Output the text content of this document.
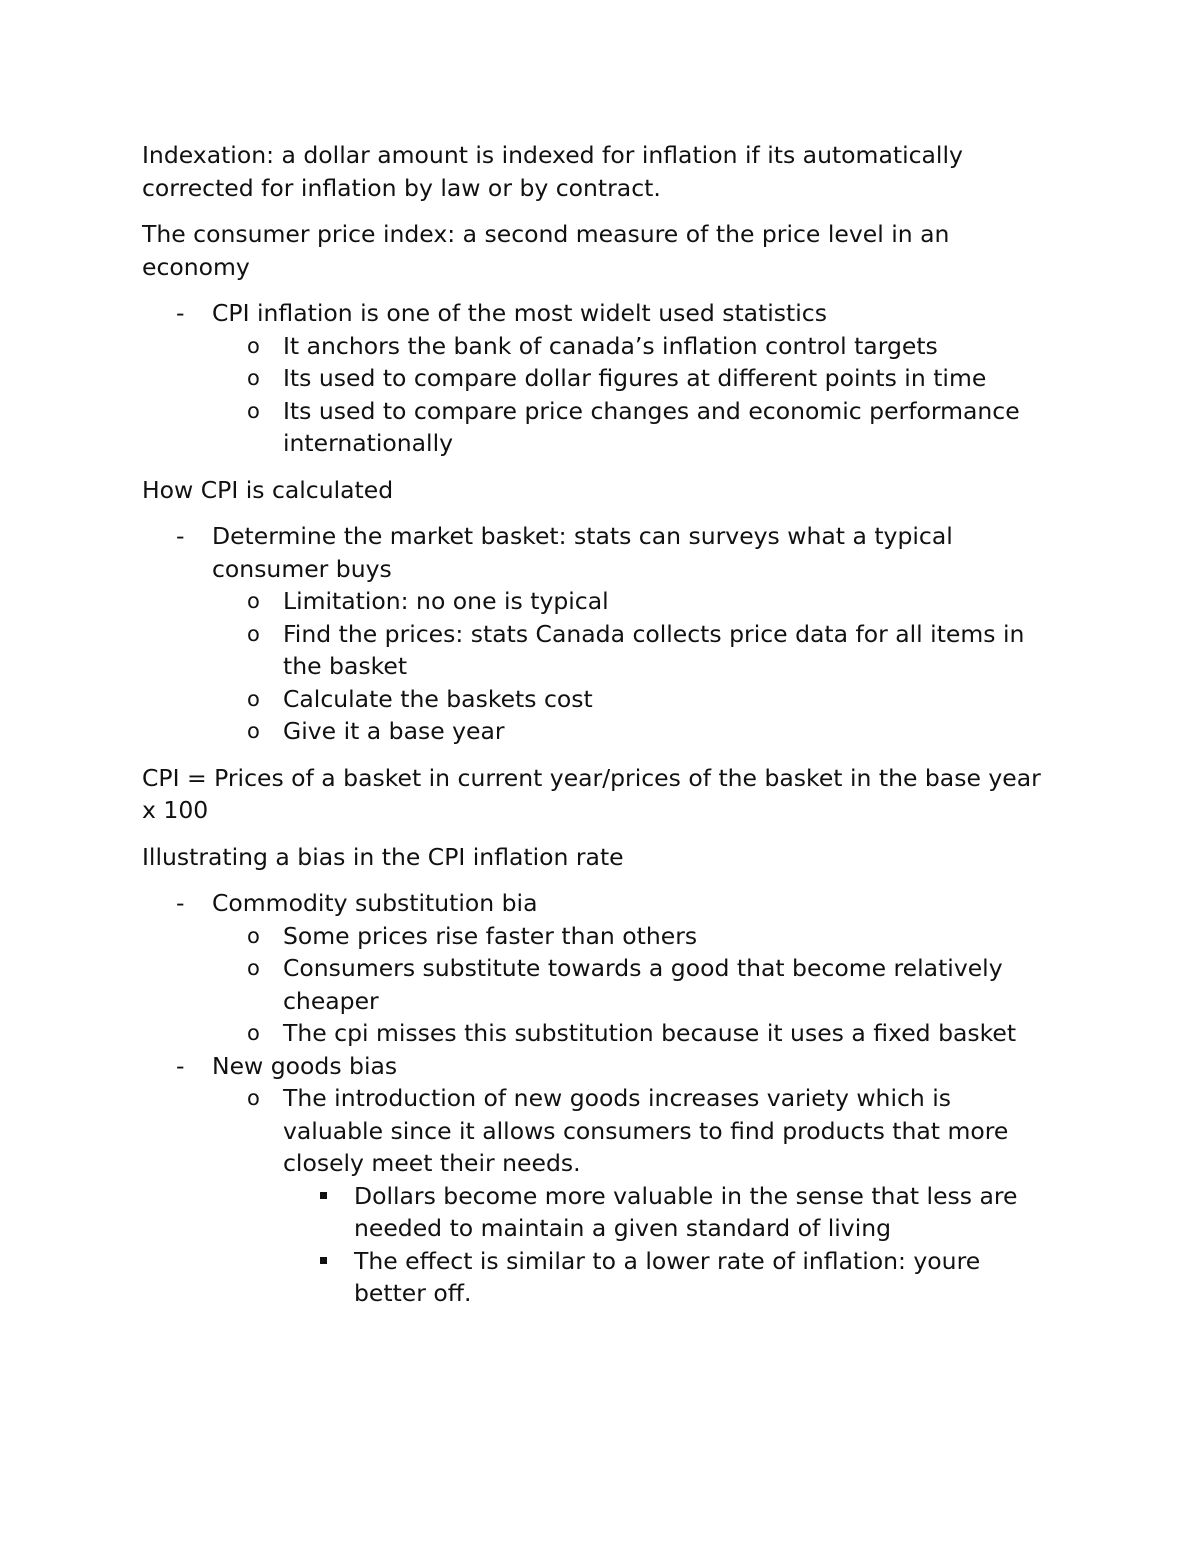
Indexation: a dollar amount is indexed for inflation if its automatically corrected for inflation by law or by contract.

The consumer price index: a second measure of the price level in an economy

- CPI inflation is one of the most widelt used statistics
o It anchors the bank of canada’s inflation control targets
o Its used to compare dollar figures at different points in time
o Its used to compare price changes and economic performance internationally

How CPI is calculated

- Determine the market basket: stats can surveys what a typical consumer buys
o Limitation: no one is typical
o Find the prices: stats Canada collects price data for all items in the basket
o Calculate the baskets cost
o Give it a base year

CPI = Prices of a basket in current year/prices of the basket in the base year x 100

Illustrating a bias in the CPI inflation rate

- Commodity substitution bia
o Some prices rise faster than others
o Consumers substitute towards a good that become relatively cheaper
o The cpi misses this substitution because it uses a fixed basket
- New goods bias
o The introduction of new goods increases variety which is valuable since it allows consumers to find products that more closely meet their needs.
Dollars become more valuable in the sense that less are needed to maintain a given standard of living
The effect is similar to a lower rate of inflation: youre better off.
